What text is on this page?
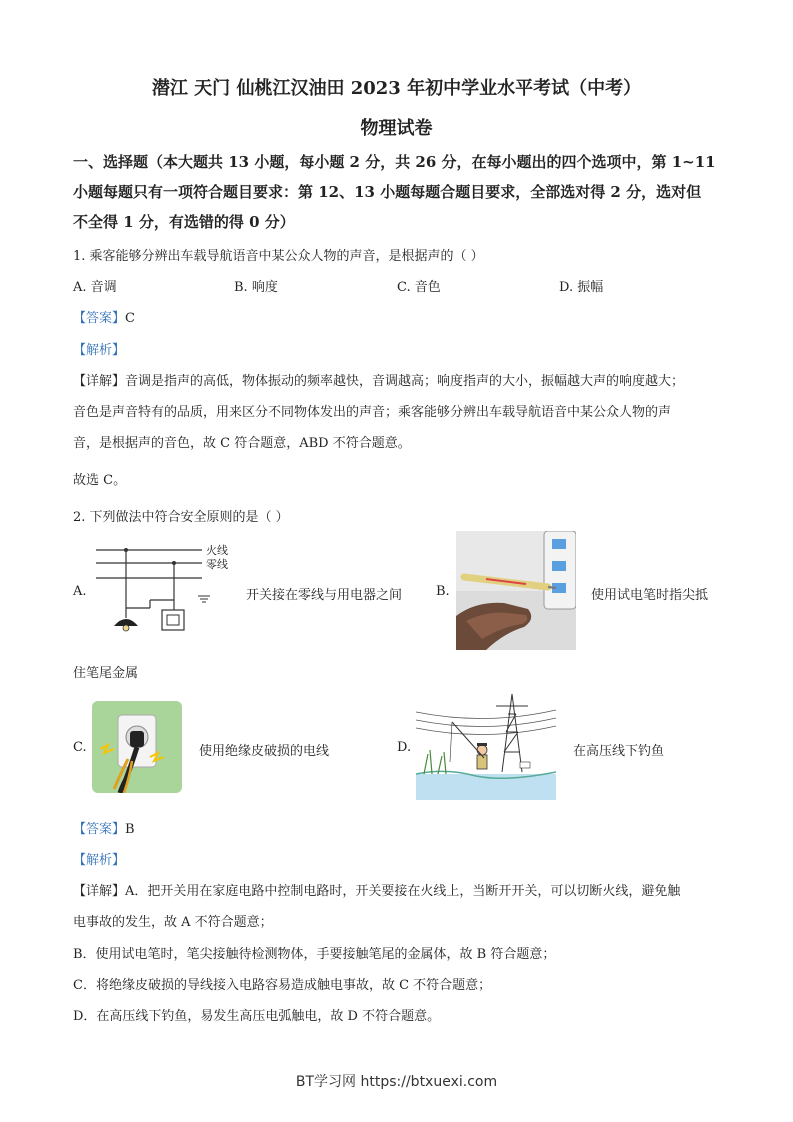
潜江 天门 仙桃江汉油田 2023 年初中学业水平考试（中考）
物理试卷
一、选择题（本大题共 13 小题，每小题 2 分，共 26 分，在每小题出的四个选项中，第 1~11
小题每题只有一项符合题目要求：第 12、13 小题每题合题目要求，全部选对得 2 分，选对但
不全得 1 分，有选错的得 0 分）
1. 乘客能够分辨出车载导航语音中某公众人物的声音，是根据声的（ ）
A. 音调	B. 响度	C. 音色	D. 振幅
【答案】C
【解析】
【详解】音调是指声的高低，物体振动的频率越快，音调越高；响度指声的大小，振幅越大声的响度越大；
音色是声音特有的品质，用来区分不同物体发出的声音；乘客能够分辨出车载导航语音中某公众人物的声
音，是根据声的音色，故 C 符合题意，ABD 不符合题意。
故选 C。
2. 下列做法中符合安全原则的是（ ）
A.
火线
零线
开关接在零线与用电器之间	B.	使用试电笔时指尖抵
住笔尾金属
C.	使用绝缘皮破损的电线	D.	在高压线下钓鱼
【答案】B
【解析】
【详解】A．把开关用在家庭电路中控制电路时，开关要接在火线上，当断开开关，可以切断火线，避免触
电事故的发生，故 A 不符合题意；
B．使用试电笔时，笔尖接触待检测物体，手要接触笔尾的金属体，故 B 符合题意；
C．将绝缘皮破损的导线接入电路容易造成触电事故，故 C 不符合题意；
D．在高压线下钓鱼，易发生高压电弧触电，故 D 不符合题意。
BT学习网 https://btxuexi.com
